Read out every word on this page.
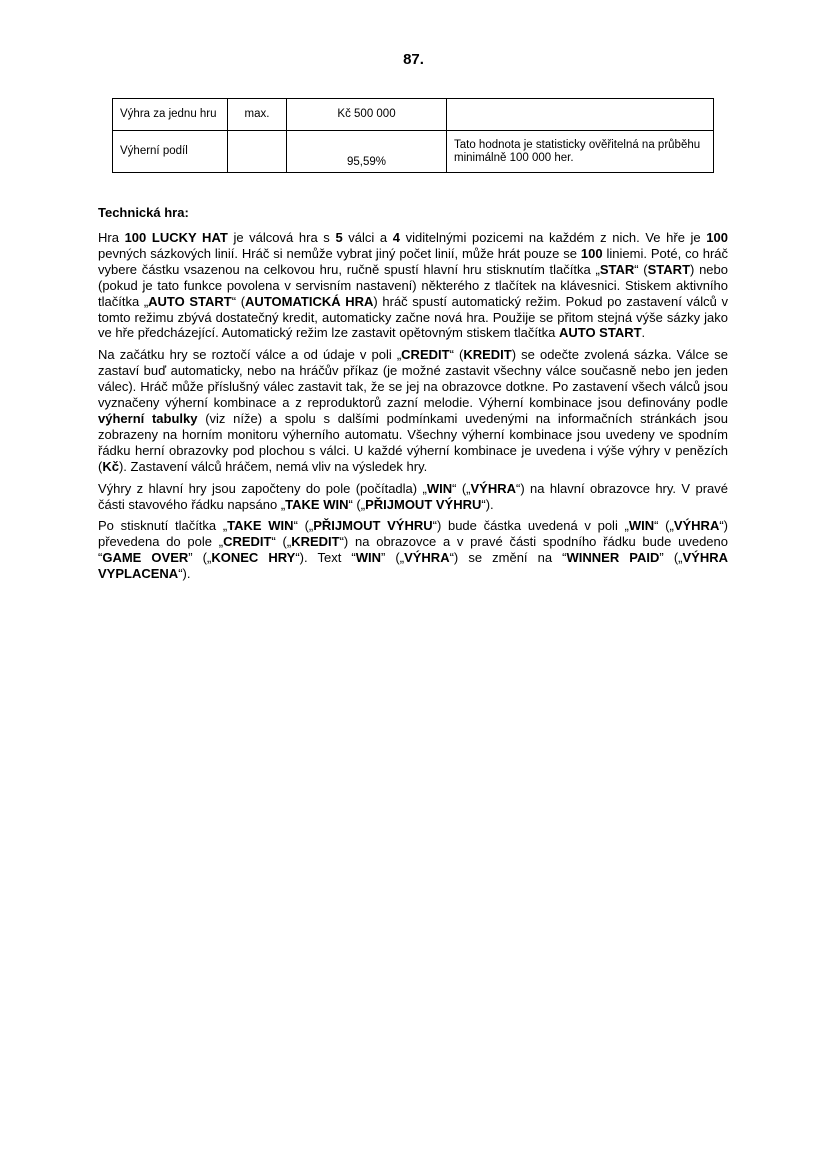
87.
Výhra za jednu hru	max.	Kč 500 000	
Výherní podíl		95,59%	Tato hodnota je statisticky ověřitelná na průběhu minimálně 100 000 her.
Technická hra:

Hra 100 LUCKY HAT je válcová hra s 5 válci a 4 viditelnými pozicemi na každém z nich. Ve hře je 100 pevných sázkových linií. Hráč si nemůže vybrat jiný počet linií, může hrát pouze se 100 liniemi. Poté, co hráč vybere částku vsazenou na celkovou hru, ručně spustí hlavní hru stisknutím tlačítka „STAR“ (START) nebo (pokud je tato funkce povolena v servisním nastavení) některého z tlačítek na klávesnici. Stiskem aktivního tlačítka „AUTO START“ (AUTOMATICKÁ HRA) hráč spustí automatický režim. Pokud po zastavení válců v tomto režimu zbývá dostatečný kredit, automaticky začne nová hra. Použije se přitom stejná výše sázky jako ve hře předcházející. Automatický režim lze zastavit opětovným stiskem tlačítka AUTO START.

Na začátku hry se roztočí válce a od údaje v poli „CREDIT“ (KREDIT) se odečte zvolená sázka. Válce se zastaví buď automaticky, nebo na hráčův příkaz (je možné zastavit všechny válce současně nebo jen jeden válec). Hráč může příslušný válec zastavit tak, že se jej na obrazovce dotkne. Po zastavení všech válců jsou vyznačeny výherní kombinace a z reproduktorů zazní melodie. Výherní kombinace jsou definovány podle výherní tabulky (viz níže) a spolu s dalšími podmínkami uvedenými na informačních stránkách jsou zobrazeny na horním monitoru výherního automatu. Všechny výherní kombinace jsou uvedeny ve spodním řádku herní obrazovky pod plochou s válci. U každé výherní kombinace je uvedena i výše výhry v penězích (Kč). Zastavení válců hráčem, nemá vliv na výsledek hry.

Výhry z hlavní hry jsou započteny do pole (počítadla) „WIN“ („VÝHRA“) na hlavní obrazovce hry. V pravé části stavového řádku napsáno „TAKE WIN“ („PŘIJMOUT VÝHRU“).

Po stisknutí tlačítka „TAKE WIN“ („PŘIJMOUT VÝHRU“) bude částka uvedená v poli „WIN“ („VÝHRA“) převedena do pole „CREDIT“ („KREDIT“) na obrazovce a v pravé části spodního řádku bude uvedeno “GAME OVER” („KONEC HRY“). Text “WIN” („VÝHRA“) se změní na “WINNER PAID” („VÝHRA VYPLACENA“).
